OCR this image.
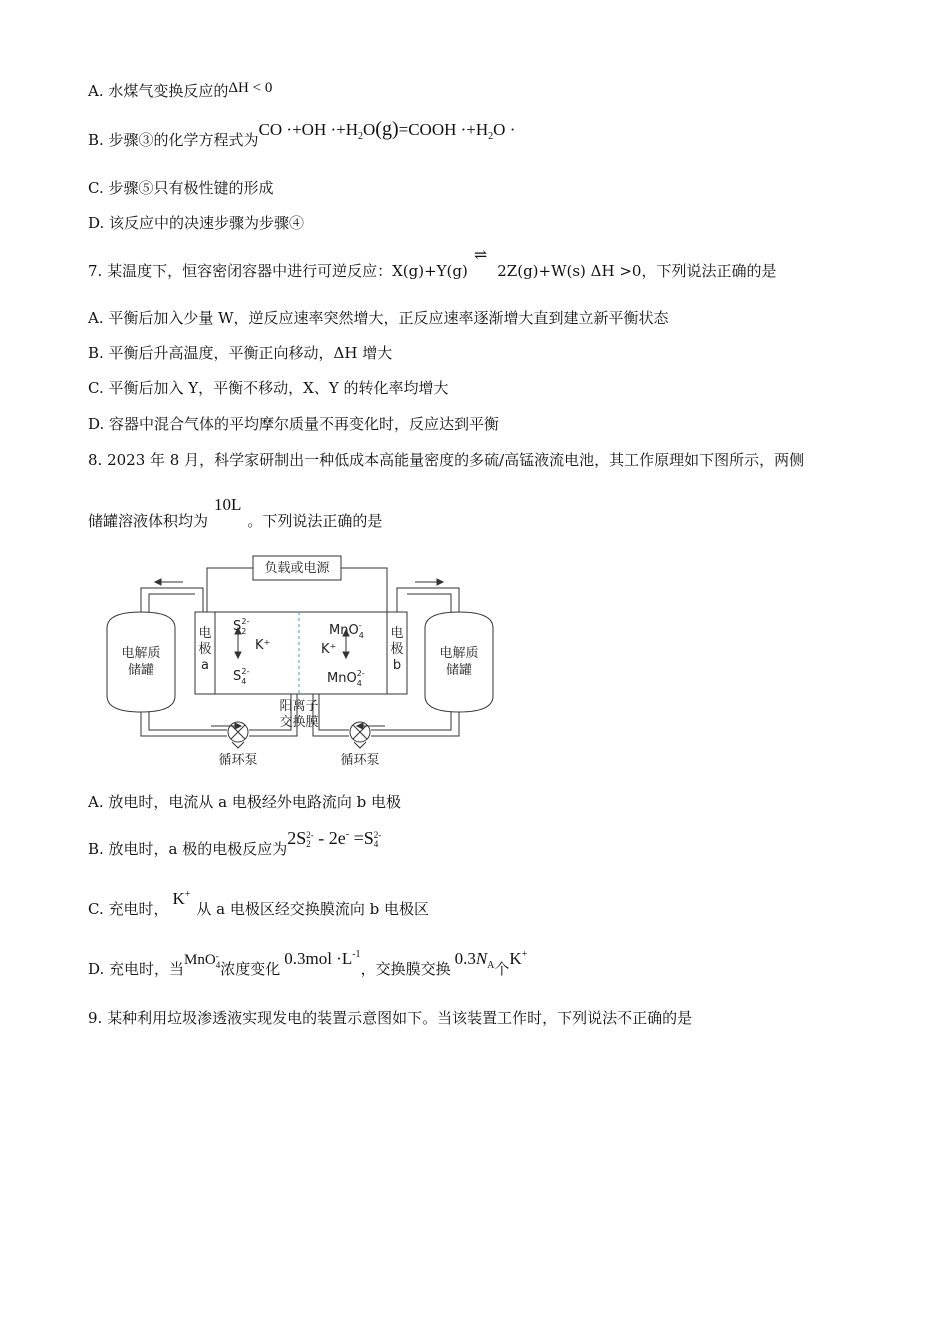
A. 水煤气变换反应的ΔH < 0
B. 步骤③的化学方程式为CO $\cdot+OH \cdot+H_2O(g)=COOH \cdot+H_2O$ ·
C. 步骤⑤只有极性键的形成
D. 该反应中的决速步骤为步骤④
7. 某温度下，恒容密闭容器中进行可逆反应：X(g)+Y(g)⇌2Z(g)+W(s) ΔH >0，下列说法正确的是
A. 平衡后加入少量 W，逆反应速率突然增大，正反应速率逐渐增大直到建立新平衡状态
B. 平衡后升高温度，平衡正向移动，ΔH 增大
C. 平衡后加入 Y，平衡不移动，X、Y 的转化率均增大
D. 容器中混合气体的平均摩尔质量不再变化时，反应达到平衡
8. 2023 年 8 月，科学家研制出一种低成本高能量密度的多硫/高锰液流电池，其工作原理如下图所示，两侧
储罐溶液体积均为10L。下列说法正确的是
负载或电源
电解质
储罐
电解质
储罐
电
极
a
电
极
b
$S_22-$
$S_42-$
K⁺	K⁺
MnO$_4$-
MnO$_4$2-
阳离子
交换膜
循环泵	循环泵
A. 放电时，电流从 a 电极经外电路流向 b 电极
B. 放电时，a 极的电极反应为2S 2-
2 - 2e- =S 2-
4
C. 充电时，K+从 a 电极区经交换膜流向 b 电极区
D. 充电时，当MnO -
4 浓度变化$0.3mol \cdot L^{-1}$，交换膜交换$0.3N_A$个K+
9. 某种利用垃圾渗透液实现发电的装置示意图如下。当该装置工作时，下列说法不正确的是
